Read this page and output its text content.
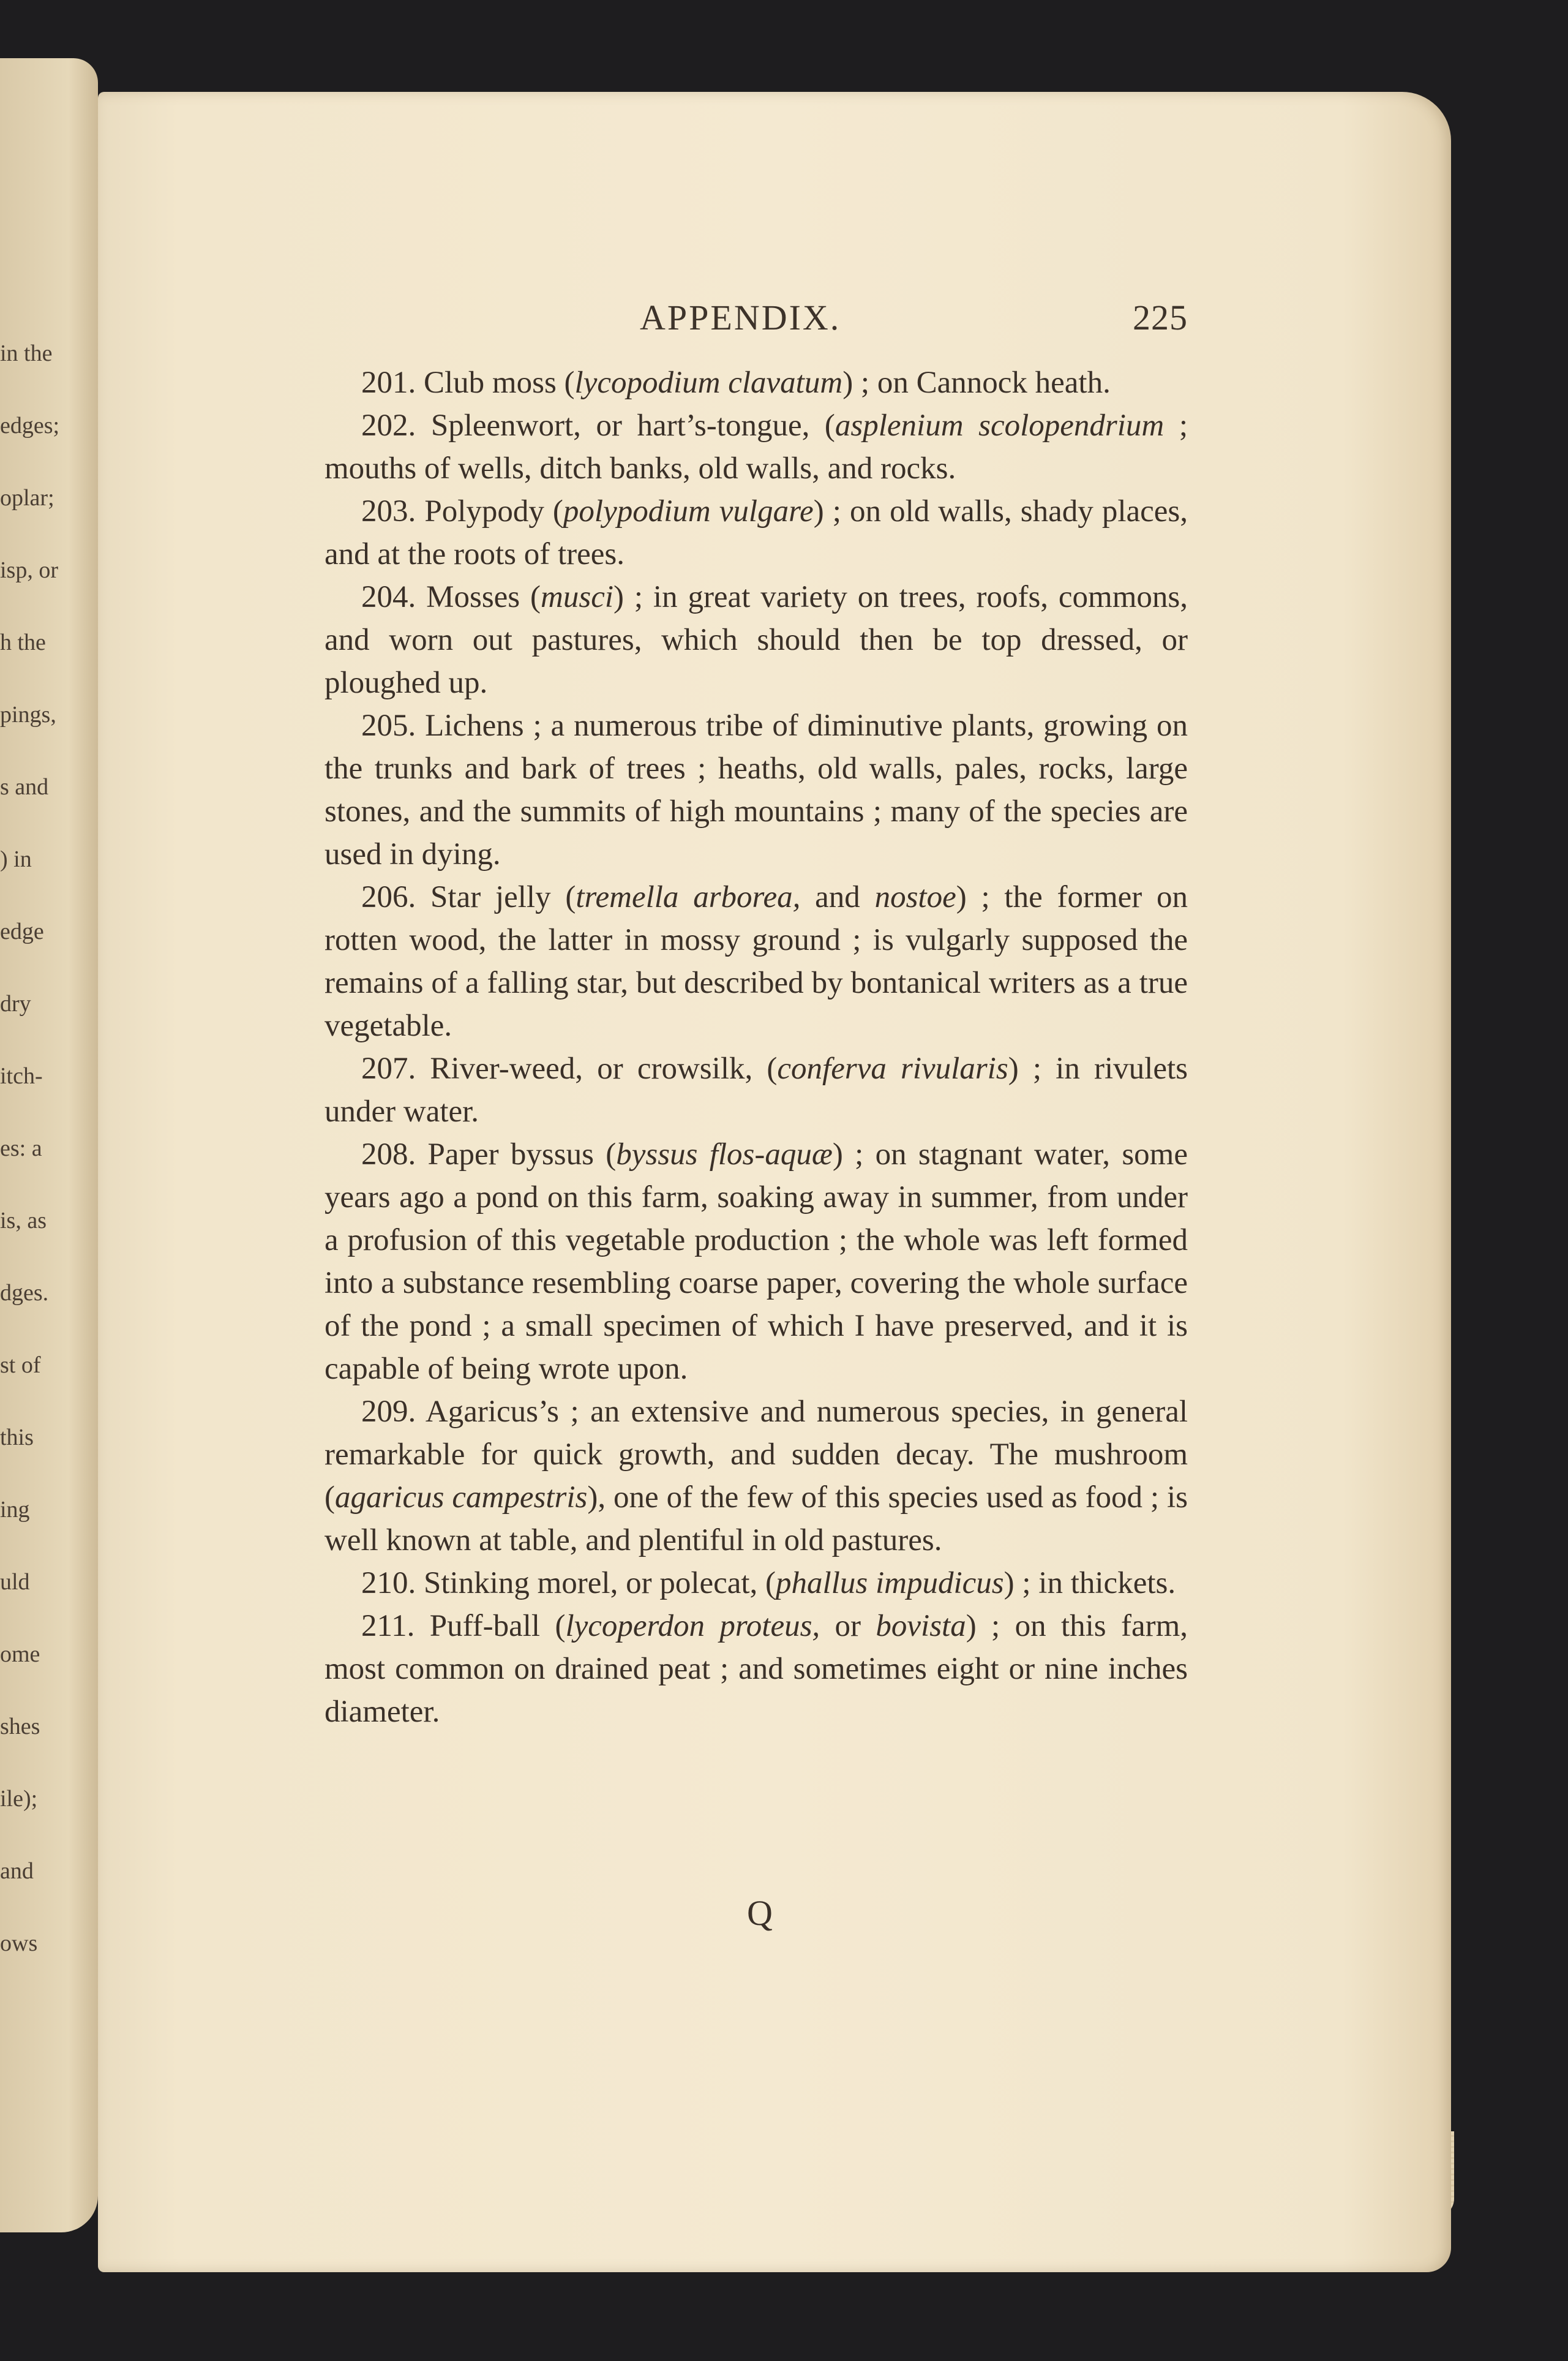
in the
edges;
oplar;
isp, or
h the
pings,
s and
) in
edge
dry
itch-
es: a
is, as
dges.
st of
this
ing
uld
ome
shes
ile);
and
ows
APPENDIX.	225

201. Club moss (lycopodium clavatum) ; on Cannock heath.

202. Spleenwort, or hart’s-tongue, (asplenium scolopendrium ; mouths of wells, ditch banks, old walls, and rocks.

203. Polypody (polypodium vulgare) ; on old walls, shady places, and at the roots of trees.

204. Mosses (musci) ; in great variety on trees, roofs, commons, and worn out pastures, which should then be top dressed, or ploughed up.

205. Lichens ; a numerous tribe of diminutive plants, growing on the trunks and bark of trees ; heaths, old walls, pales, rocks, large stones, and the summits of high mountains ; many of the species are used in dying.

206. Star jelly (tremella arborea, and nostoe) ; the former on rotten wood, the latter in mossy ground ; is vulgarly supposed the remains of a falling star, but described by bontanical writers as a true vegetable.

207. River-weed, or crowsilk, (conferva rivularis) ; in rivulets under water.

208. Paper byssus (byssus flos-aquæ) ; on stagnant water, some years ago a pond on this farm, soaking away in summer, from under a profusion of this vegetable production ; the whole was left formed into a substance resembling coarse paper, covering the whole surface of the pond ; a small specimen of which I have preserved, and it is capable of being wrote upon.

209. Agaricus’s ; an extensive and numerous species, in general remarkable for quick growth, and sudden decay. The mushroom (agaricus campestris), one of the few of this species used as food ; is well known at table, and plentiful in old pastures.

210. Stinking morel, or polecat, (phallus impudicus) ; in thickets.

211. Puff-ball (lycoperdon proteus, or bovista) ; on this farm, most common on drained peat ; and sometimes eight or nine inches diameter.

Q
